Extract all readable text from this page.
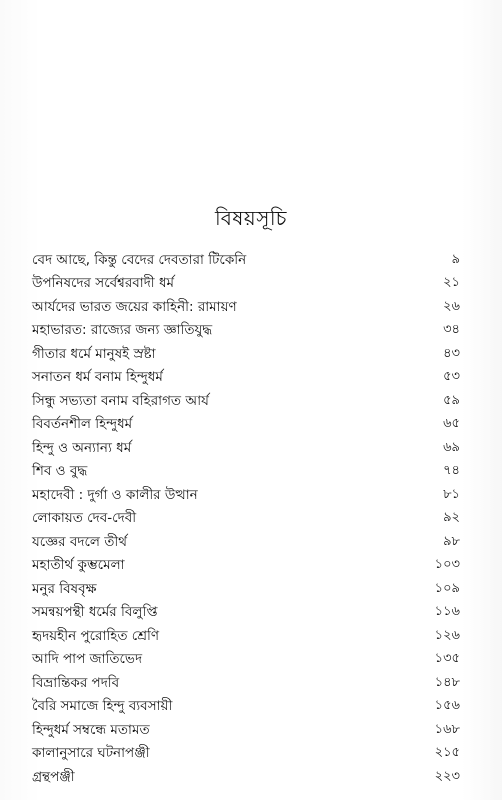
বিষয়সূচি
বেদ আছে, কিন্তু বেদের দেবতারা টিকেনি	৯
উপনিষদের সর্বেশ্বরবাদী ধর্ম	২১
আর্যদের ভারত জয়ের কাহিনী: রামায়ণ	২৬
মহাভারত: রাজ্যের জন্য জ্ঞাতিযুদ্ধ	৩৪
গীতার ধর্মে মানুষই স্রষ্টা	৪৩
সনাতন ধর্ম বনাম হিন্দুধর্ম	৫৩
সিন্ধু সভ্যতা বনাম বহিরাগত আর্য	৫৯
বিবর্তনশীল হিন্দুধর্ম	৬৫
হিন্দু ও অন্যান্য ধর্ম	৬৯
শিব ও বুদ্ধ	৭৪
মহাদেবী : দুর্গা ও কালীর উত্থান	৮১
লোকায়ত দেব-দেবী	৯২
যজ্ঞের বদলে তীর্থ	৯৮
মহাতীর্থ কুম্ভমেলা	১০৩
মনুর বিষবৃক্ষ	১০৯
সমন্বয়পন্থী ধর্মের বিলুপ্তি	১১৬
হৃদয়হীন পুরোহিত শ্রেণি	১২৬
আদি পাপ জাতিভেদ	১৩৫
বিভ্রান্তিকর পদবি	১৪৮
বৈরি সমাজে হিন্দু ব্যবসায়ী	১৫৬
হিন্দুধর্ম সম্বন্ধে মতামত	১৬৮
কালানুসারে ঘটনাপঞ্জী	২১৫
গ্রন্থপঞ্জী	২২৩
